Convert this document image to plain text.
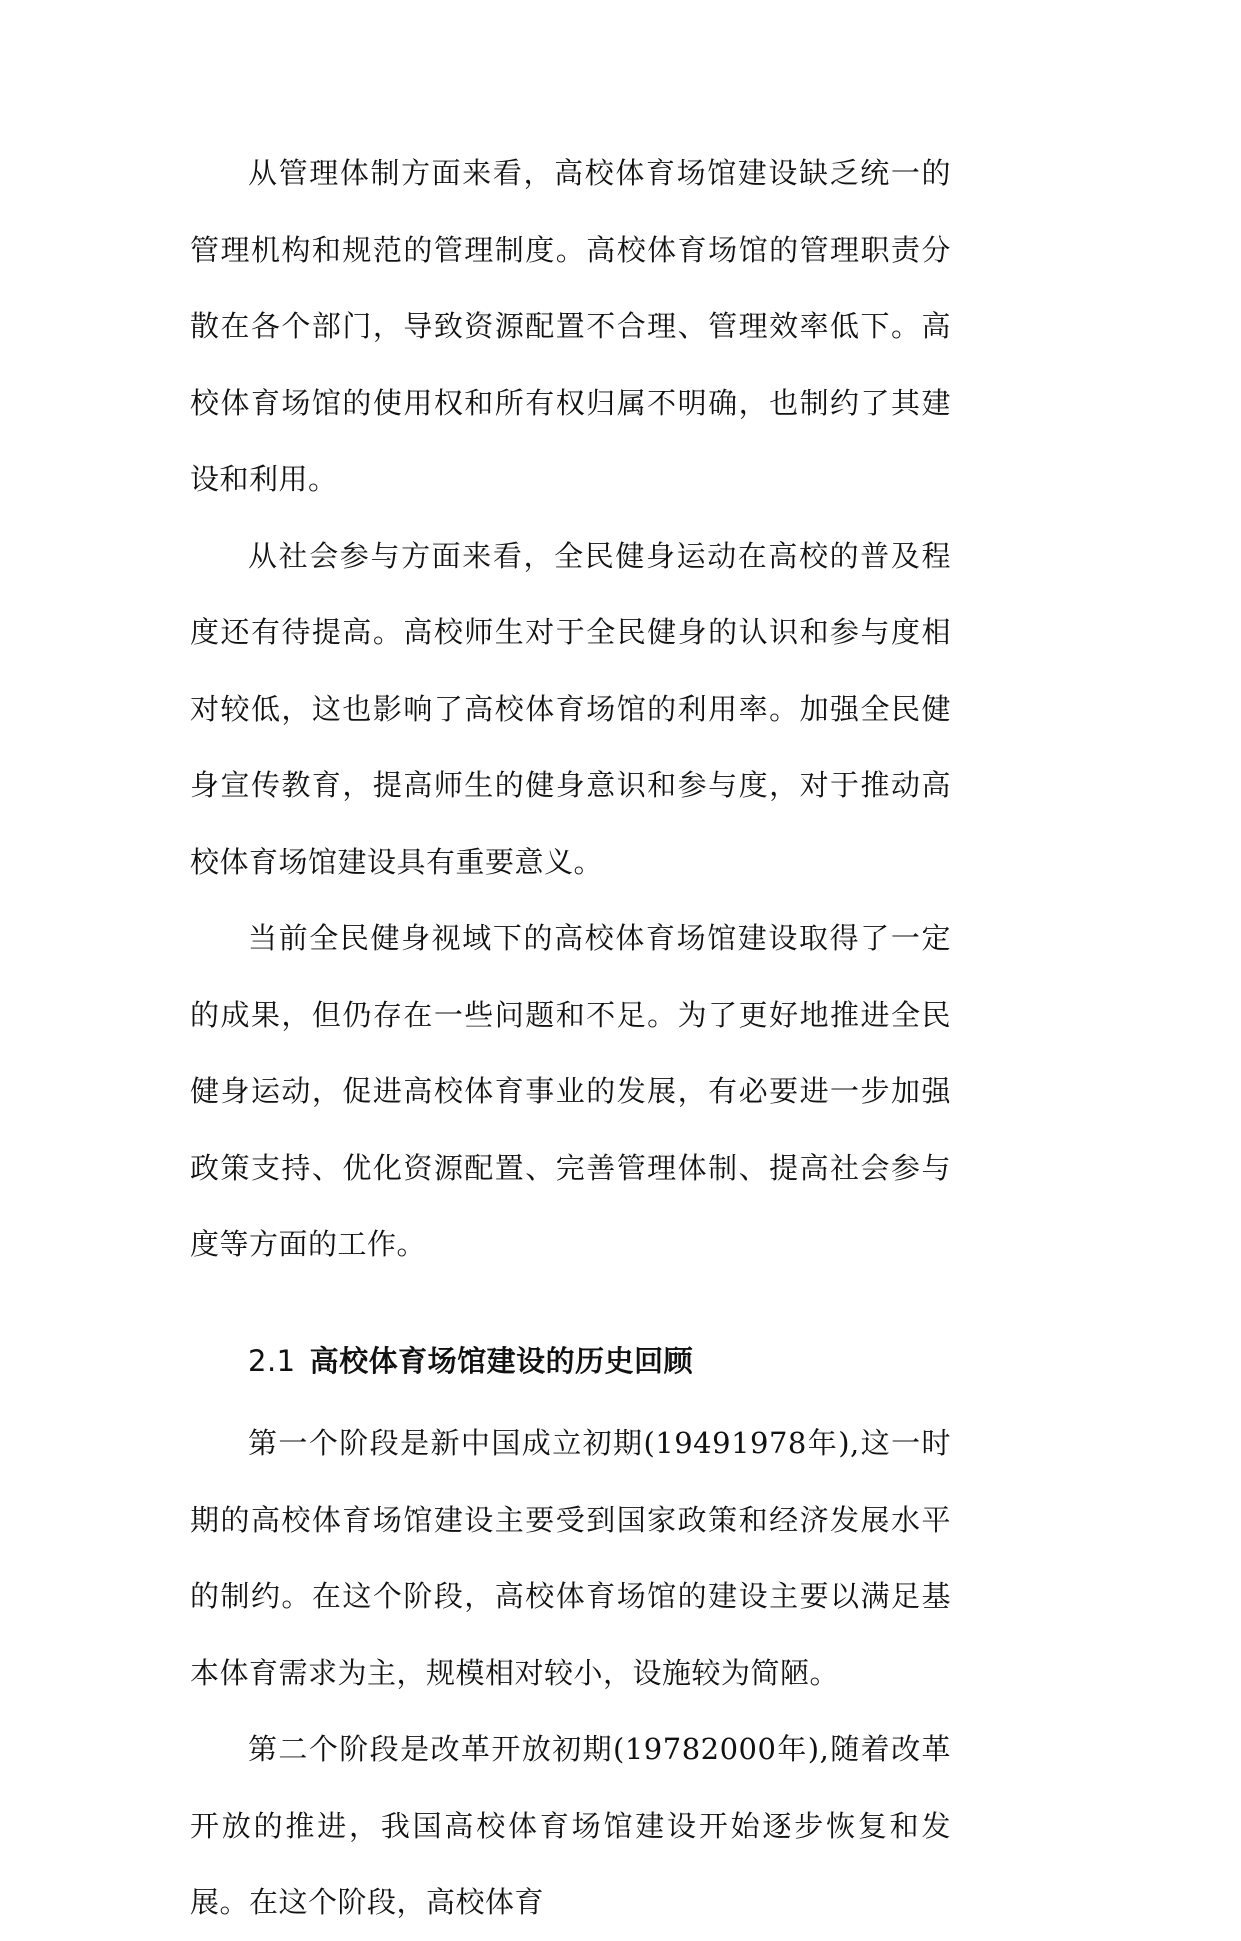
从管理体制方面来看，高校体育场馆建设缺乏统一的管理机构和规范的管理制度。高校体育场馆的管理职责分散在各个部门，导致资源配置不合理、管理效率低下。高校体育场馆的使用权和所有权归属不明确，也制约了其建设和利用。

从社会参与方面来看，全民健身运动在高校的普及程度还有待提高。高校师生对于全民健身的认识和参与度相对较低，这也影响了高校体育场馆的利用率。加强全民健身宣传教育，提高师生的健身意识和参与度，对于推动高校体育场馆建设具有重要意义。

当前全民健身视域下的高校体育场馆建设取得了一定的成果，但仍存在一些问题和不足。为了更好地推进全民健身运动，促进高校体育事业的发展，有必要进一步加强政策支持、优化资源配置、完善管理体制、提高社会参与度等方面的工作。

2.1 高校体育场馆建设的历史回顾

第一个阶段是新中国成立初期(19491978年),这一时期的高校体育场馆建设主要受到国家政策和经济发展水平的制约。在这个阶段，高校体育场馆的建设主要以满足基本体育需求为主，规模相对较小，设施较为简陋。

第二个阶段是改革开放初期(19782000年),随着改革开放的推进，我国高校体育场馆建设开始逐步恢复和发展。在这个阶段，高校体育
